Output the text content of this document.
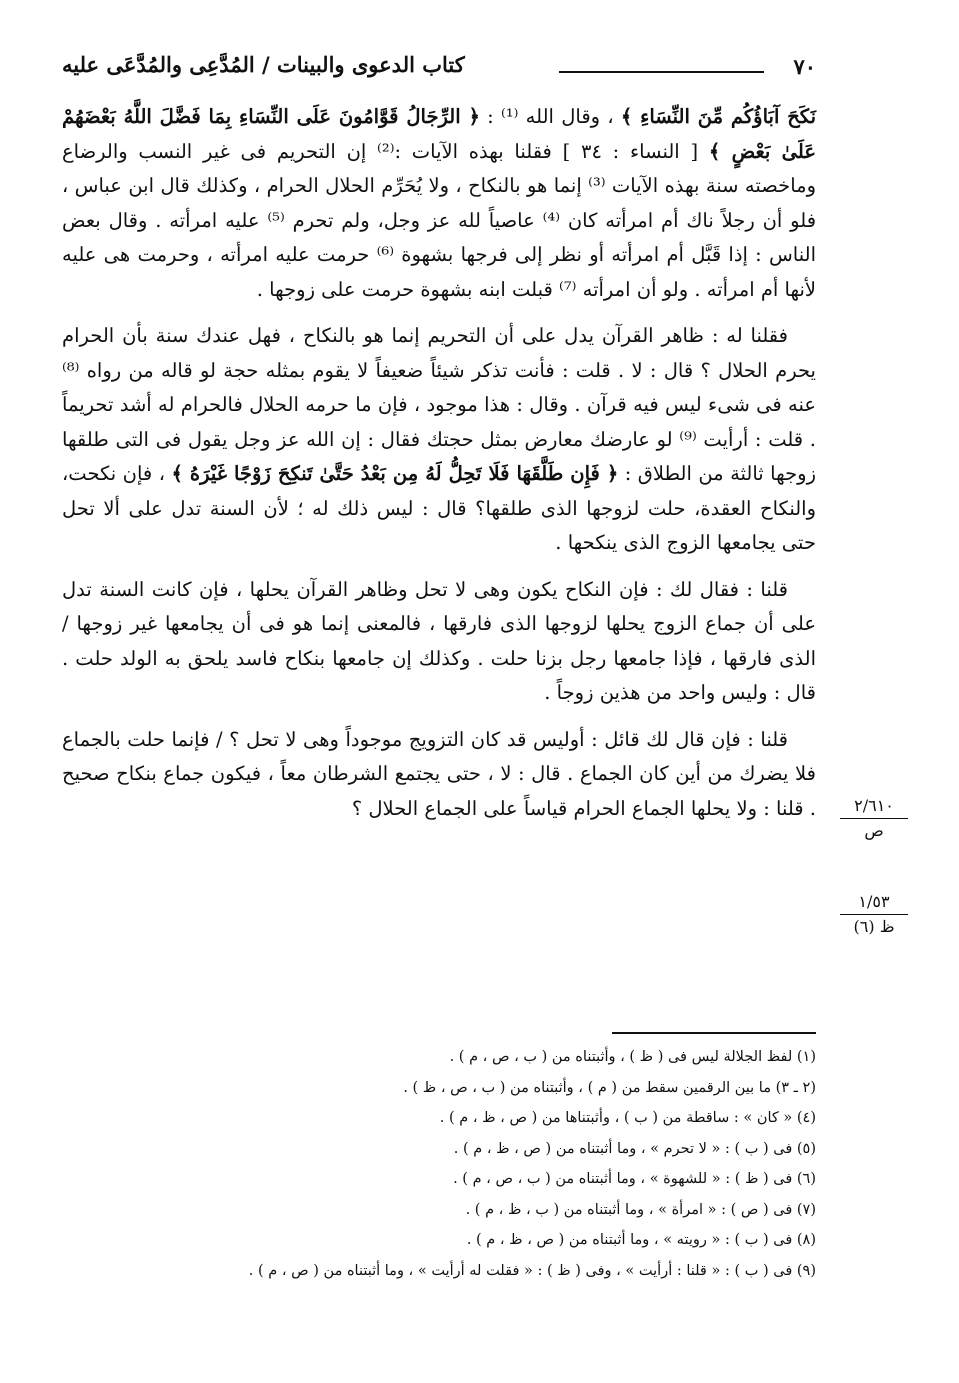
٧٠
كتاب الدعوى والبينات / المُدَّعِى والمُدَّعَى عليه

نَكَحَ آبَاؤُكُم مِّنَ النِّسَاءِ ﴾ ، وقال الله ⁽¹⁾ : ﴿ الرِّجَالُ قَوَّامُونَ عَلَى النِّسَاءِ بِمَا فَضَّلَ اللَّهُ بَعْضَهُمْ عَلَىٰ بَعْضٍ ﴾ [ النساء : ٣٤ ] فقلنا بهذه الآيات :⁽²⁾ إن التحريم فى غير النسب والرضاع وماخصته سنة بهذه الآيات ⁽³⁾ إنما هو بالنكاح ، ولا يُحَرِّم الحلال الحرام ، وكذلك قال ابن عباس ، فلو أن رجلاً ناك أم امرأته كان ⁽⁴⁾ عاصياً لله عز وجل، ولم تحرم ⁽⁵⁾ عليه امرأته . وقال بعض الناس : إذا قَبَّل أم امرأته أو نظر إلى فرجها بشهوة ⁽⁶⁾ حرمت عليه امرأته ، وحرمت هى عليه لأنها أم امرأته . ولو أن امرأته ⁽⁷⁾ قبلت ابنه بشهوة حرمت على زوجها .

فقلنا له : ظاهر القرآن يدل على أن التحريم إنما هو بالنكاح ، فهل عندك سنة بأن الحرام يحرم الحلال ؟ قال : لا . قلت : فأنت تذكر شيئاً ضعيفاً لا يقوم بمثله حجة لو قاله من رواه ⁽⁸⁾ عنه فى شىء ليس فيه قرآن . وقال : هذا موجود ، فإن ما حرمه الحلال فالحرام له أشد تحريماً . قلت : أرأيت ⁽⁹⁾ لو عارضك معارض بمثل حجتك فقال : إن الله عز وجل يقول فى التى طلقها زوجها ثالثة من الطلاق : ﴿ فَإِن طَلَّقَهَا فَلَا تَحِلُّ لَهُ مِن بَعْدُ حَتَّىٰ تَنكِحَ زَوْجًا غَيْرَهُ ﴾ ، فإن نكحت، والنكاح العقدة، حلت لزوجها الذى طلقها؟ قال : ليس ذلك له ؛ لأن السنة تدل على ألا تحل حتى يجامعها الزوج الذى ينكحها .

قلنا : فقال لك : فإن النكاح يكون وهى لا تحل وظاهر القرآن يحلها ، فإن كانت السنة تدل على أن جماع الزوج يحلها لزوجها الذى فارقها ، فالمعنى إنما هو فى أن يجامعها غير زوجها / الذى فارقها ، فإذا جامعها رجل بزنا حلت . وكذلك إن جامعها بنكاح فاسد يلحق به الولد حلت . قال : وليس واحد من هذين زوجاً .

قلنا : فإن قال لك قائل : أوليس قد كان التزويج موجوداً وهى لا تحل ؟ / فإنما حلت بالجماع فلا يضرك من أين كان الجماع . قال : لا ، حتى يجتمع الشرطان معاً ، فيكون جماع بنكاح صحيح . قلنا : ولا يحلها الجماع الحرام قياساً على الجماع الحلال ؟	٢/٦١٠
ص
١/٥٣
ظ (٦)
(١) لفظ الجلالة ليس فى ( ظ ) ، وأثبتناه من ( ب ، ص ، م ) .
(٢ ـ ٣) ما بين الرقمين سقط من ( م ) ، وأثبتناه من ( ب ، ص ، ظ ) .
(٤) « كان » : ساقطة من ( ب ) ، وأثبتناها من ( ص ، ظ ، م ) .
(٥) فى ( ب ) : « لا تحرم » ، وما أثبتناه من ( ص ، ظ ، م ) .
(٦) فى ( ظ ) : « للشهوة » ، وما أثبتناه من ( ب ، ص ، م ) .
(٧) فى ( ص ) : « امرأة » ، وما أثبتناه من ( ب ، ظ ، م ) .
(٨) فى ( ب ) : « رويته » ، وما أثبتناه من ( ص ، ظ ، م ) .
(٩) فى ( ب ) : « قلنا : أرأيت » ، وفى ( ظ ) : « فقلت له أرأيت » ، وما أثبتناه من ( ص ، م ) .
